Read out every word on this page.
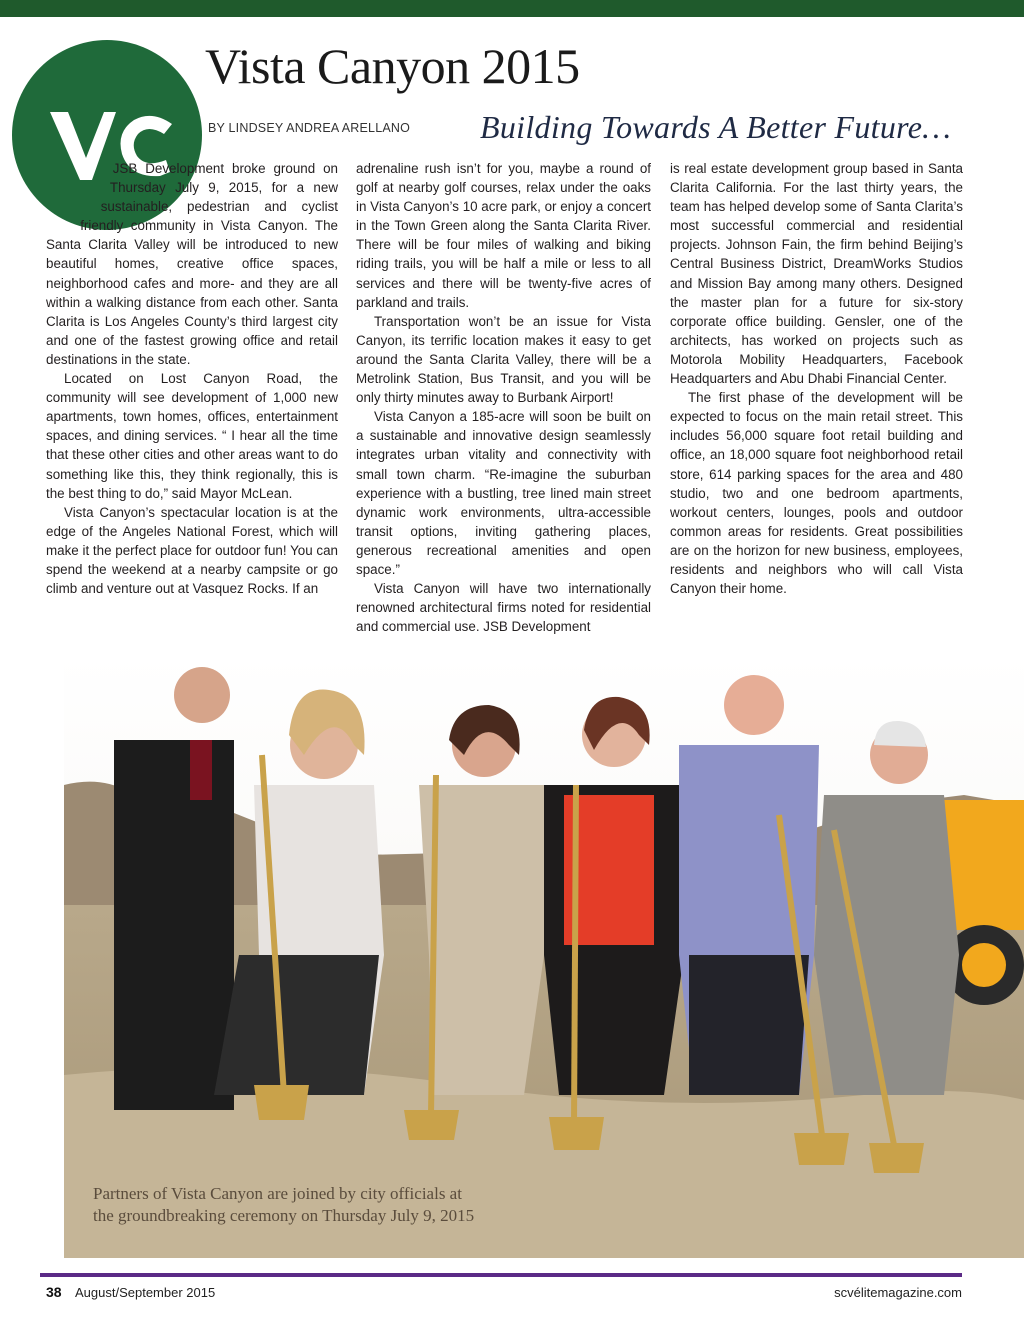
Vista Canyon 2015
BY LINDSEY ANDREA ARELLANO Building Towards A Better Future…

JSB Development broke ground on Thursday July 9, 2015, for a new sustainable, pedestrian and cyclist friendly community in Vista Canyon. The Santa Clarita Valley will be introduced to new beautiful homes, creative office spaces, neighborhood cafes and more- and they are all within a walking distance from each other. Santa Clarita is Los Angeles County’s third largest city and one of the fastest growing office and retail destinations in the state.

Located on Lost Canyon Road, the community will see development of 1,000 new apartments, town homes, offices, entertainment spaces, and dining services. “ I hear all the time that these other cities and other areas want to do something like this, they think regionally, this is the best thing to do,” said Mayor McLean.

Vista Canyon’s spectacular location is at the edge of the Angeles National Forest, which will make it the perfect place for outdoor fun! You can spend the weekend at a nearby campsite or go climb and venture out at Vasquez Rocks. If an

adrenaline rush isn’t for you, maybe a round of golf at nearby golf courses, relax under the oaks in Vista Canyon’s 10 acre park, or enjoy a concert in the Town Green along the Santa Clarita River. There will be four miles of walking and biking riding trails, you will be half a mile or less to all services and there will be twenty-five acres of parkland and trails.

Transportation won’t be an issue for Vista Canyon, its terrific location makes it easy to get around the Santa Clarita Valley, there will be a Metrolink Station, Bus Transit, and you will be only thirty minutes away to Burbank Airport!

Vista Canyon a 185-acre will soon be built on a sustainable and innovative design seamlessly integrates urban vitality and connectivity with small town charm. “Re-imagine the suburban experience with a bustling, tree lined main street dynamic work environments, ultra-accessible transit options, inviting gathering places, generous recreational amenities and open space.”

Vista Canyon will have two internationally renowned architectural firms noted for residential and commercial use. JSB Development

is real estate development group based in Santa Clarita California. For the last thirty years, the team has helped develop some of Santa Clarita’s most successful commercial and residential projects. Johnson Fain, the firm behind Beijing’s Central Business District, DreamWorks Studios and Mission Bay among many others. Designed the master plan for a future for six-story corporate office building. Gensler, one of the architects, has worked on projects such as Motorola Mobility Headquarters, Facebook Headquarters and Abu Dhabi Financial Center.

The first phase of the development will be expected to focus on the main retail street. This includes 56,000 square foot retail building and office, an 18,000 square foot neighborhood retail store, 614 parking spaces for the area and 480 studio, two and one bedroom apartments, workout centers, lounges, pools and outdoor common areas for residents. Great possibilities are on the horizon for new business, employees, residents and neighbors who will call Vista Canyon their home.

Partners of Vista Canyon are joined by city officials at
the groundbreaking ceremony on Thursday July 9, 2015
38 August/September 2015	scvélitemagazine.com
